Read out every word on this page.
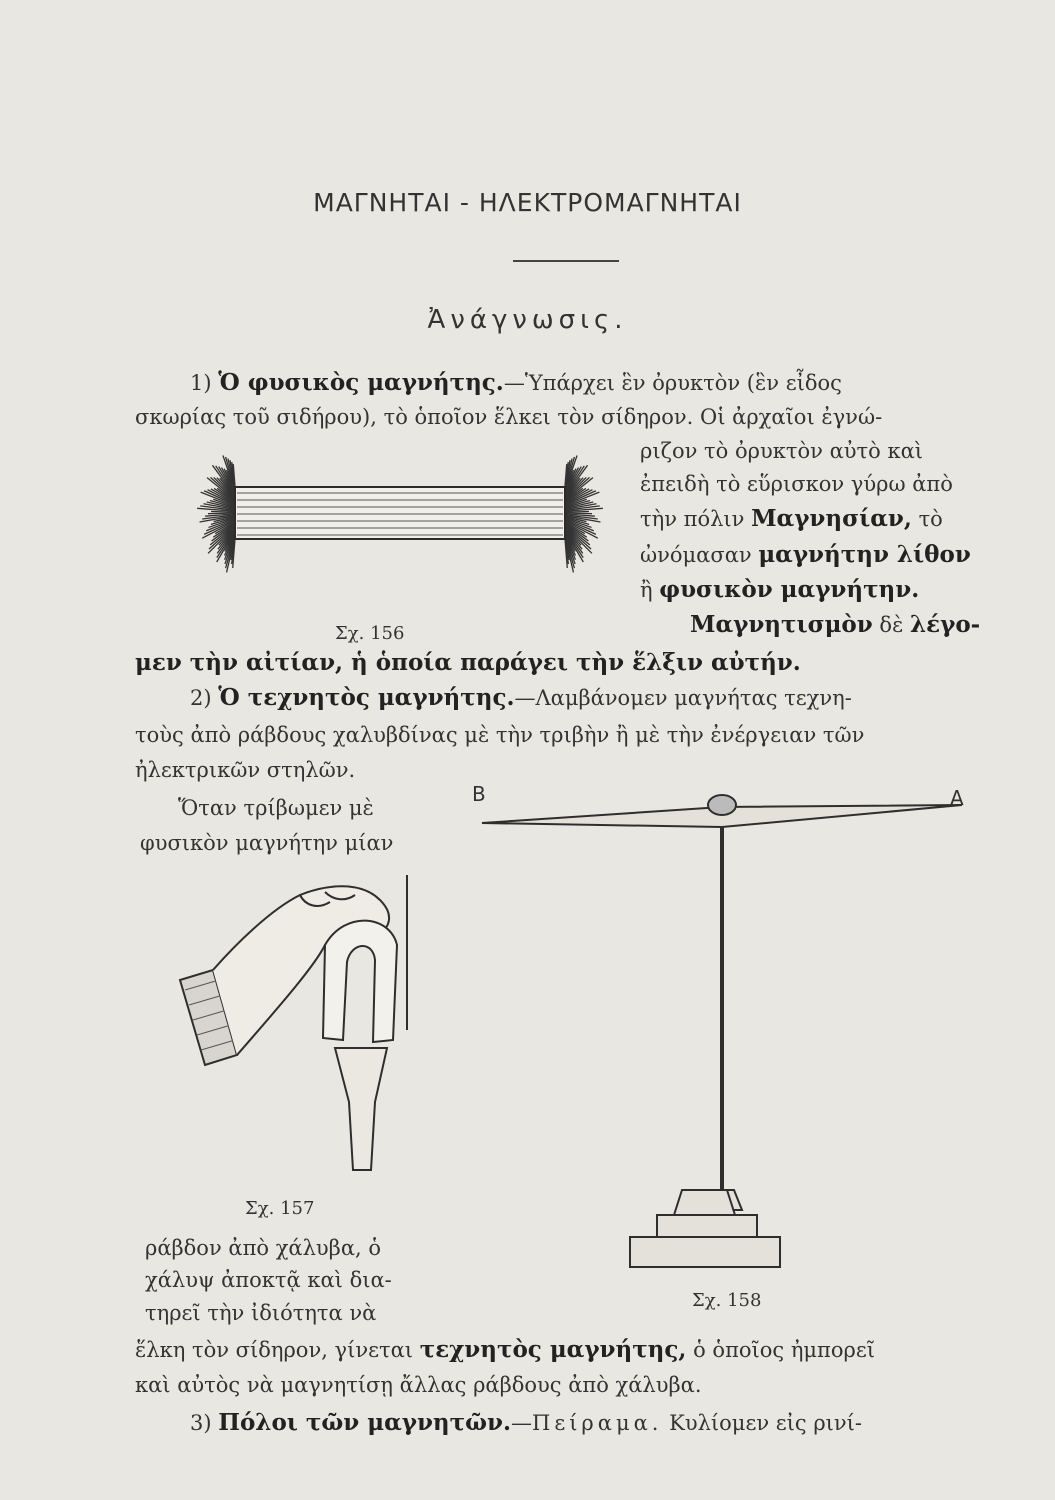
ΜΑΓΝΗΤΑΙ - ΗΛΕΚΤΡΟΜΑΓΝΗΤΑΙ
Ἀνάγνωσις.
1) Ὁ φυσικὸς μαγνήτης.—Ὑπάρχει ἓν ὀρυκτὸν (ἓν εἶδος
σκωρίας τοῦ σιδήρου), τὸ ὁποῖον ἕλκει τὸν σίδηρον. Οἱ ἀρχαῖοι ἐγνώ-
ριζον τὸ ὀρυκτὸν αὐτὸ καὶ
ἐπειδὴ τὸ εὕρισκον γύρω ἀπὸ
τὴν πόλιν Μαγνησίαν, τὸ
ὠνόμασαν μαγνήτην λίθον
ἢ φυσικὸν μαγνήτην.
Μαγνητισμὸν δὲ λέγο-
μεν τὴν αἰτίαν, ἡ ὁποία παράγει τὴν ἕλξιν αὐτήν.
Σχ. 156
2) Ὁ τεχνητὸς μαγνήτης.—Λαμβάνομεν μαγνήτας τεχνη-
τοὺς ἀπὸ ράβδους χαλυβδίνας μὲ τὴν τριβὴν ἢ μὲ τὴν ἐνέργειαν τῶν
ἠλεκτρικῶν στηλῶν.
Ὅταν τρίβωμεν μὲ
φυσικὸν μαγνήτην μίαν
Σχ. 157
ράβδον ἀπὸ χάλυβα, ὁ
χάλυψ ἀποκτᾷ καὶ δια-
τηρεῖ τὴν ἰδιότητα νὰ
B	A
Σχ. 158
ἕλκη τὸν σίδηρον, γίνεται τεχνητὸς μαγνήτης, ὁ ὁποῖος ἠμπορεῖ
καὶ αὐτὸς νὰ μαγνητίσῃ ἄλλας ράβδους ἀπὸ χάλυβα.
3) Πόλοι τῶν μαγνητῶν.—Πείραμα. Κυλίομεν εἰς ρινί-
